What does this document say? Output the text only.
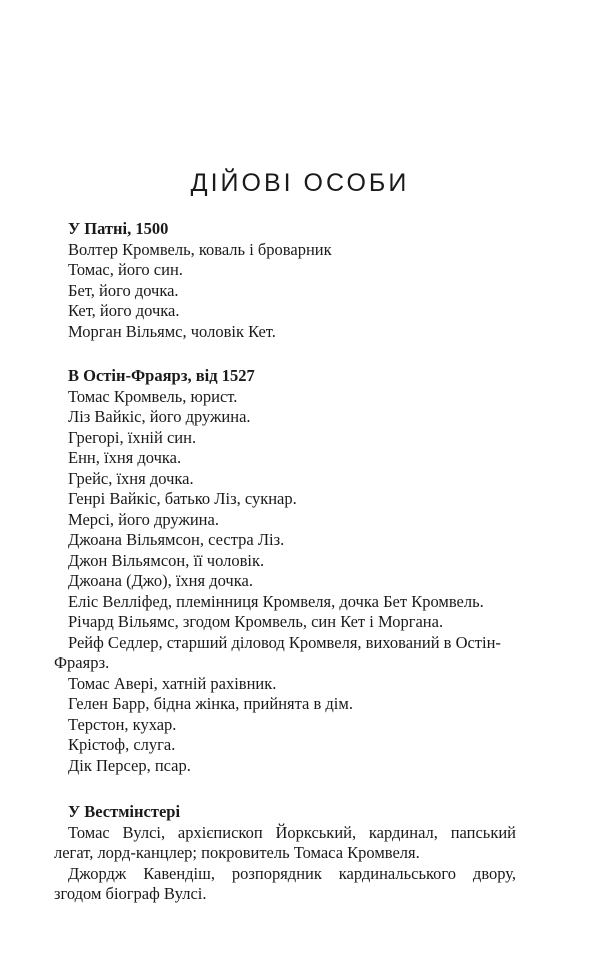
ДІЙОВІ ОСОБИ

У Патні, 1500

Волтер Кромвель, коваль і броварник

Томас, його син.

Бет, його дочка.

Кет, його дочка.

Морган Вільямс, чоловік Кет.

В Остін-Фраярз, від 1527

Томас Кромвель, юрист.

Ліз Вайкіс, його дружина.

Грегорі, їхній син.

Енн, їхня дочка.

Грейс, їхня дочка.

Генрі Вайкіс, батько Ліз, сукнар.

Мерсі, його дружина.

Джоана Вільямсон, сестра Ліз.

Джон Вільямсон, її чоловік.

Джоана (Джо), їхня дочка.

Еліс Велліфед, племінниця Кромвеля, дочка Бет Кромвель.

Річард Вільямс, згодом Кромвель, син Кет і Моргана.

Рейф Седлер, старший діловод Кромвеля, вихований в Остін-

Фраярз.

Томас Авері, хатній рахівник.

Гелен Барр, бідна жінка, прийнята в дім.

Терстон, кухар.

Крістоф, слуга.

Дік Персер, псар.

У Вестмінстері

Томас Вулсі, архієпископ Йоркський, кардинал, папський
легат, лорд-канцлер; покровитель Томаса Кромвеля.

Джордж Кавендіш, розпорядник кардинальського двору,
згодом біограф Вулсі.
